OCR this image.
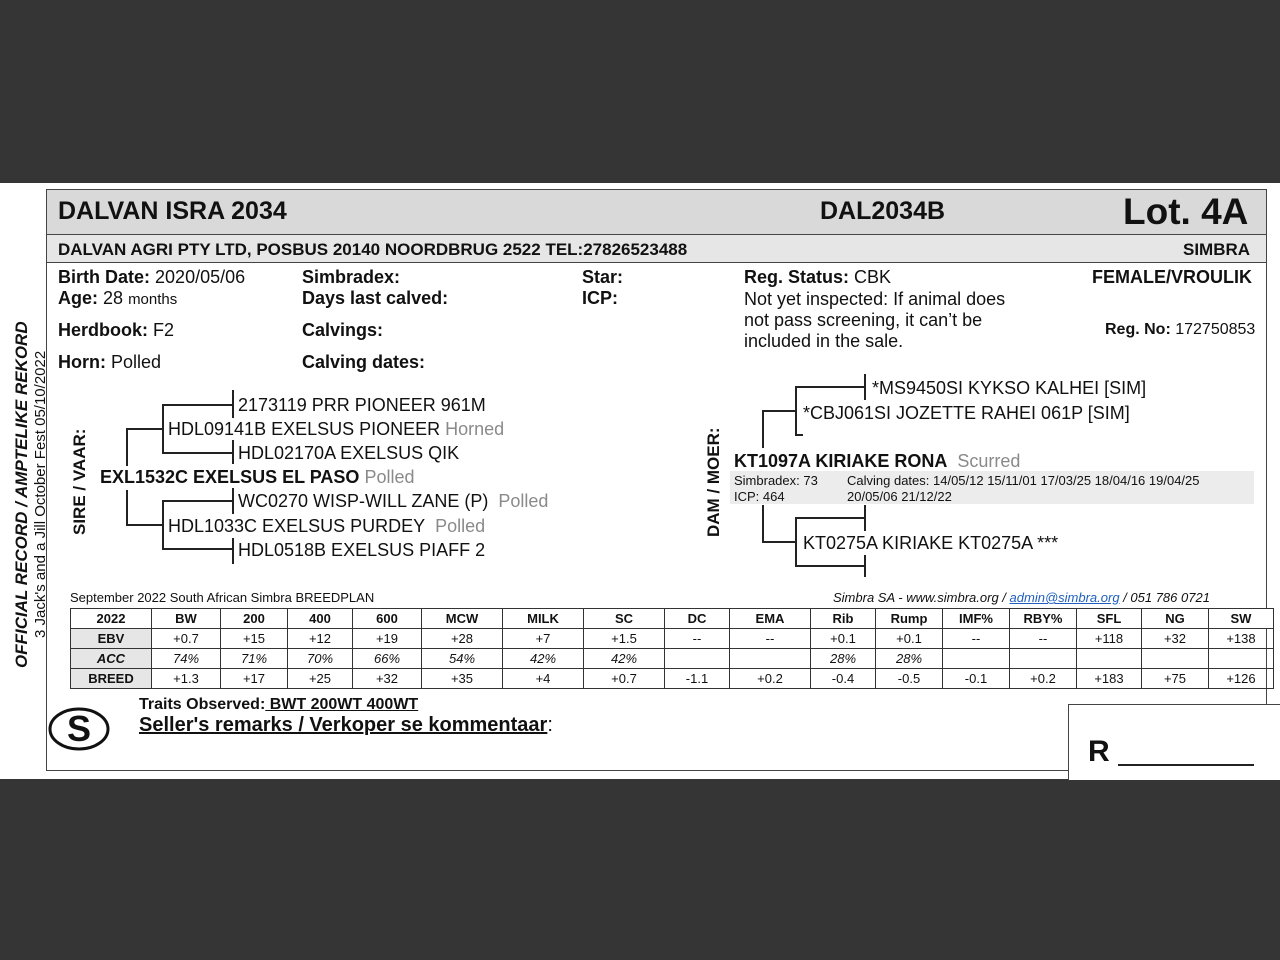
DALVAN ISRA 2034	DAL2034B	Lot. 4A
DALVAN AGRI PTY LTD, POSBUS 20140 NOORDBRUG 2522 TEL:27826523488	SIMBRA
Birth Date: 2020/05/06
Age: 28 months
Herdbook: F2
Horn: Polled
Simbradex:
Days last calved:
Calvings:
Calving dates:
Star:
ICP:
Reg. Status: CBK
Not yet inspected: If animal does
not pass screening, it can’t be
included in the sale.
FEMALE/VROULIK
Reg. No: 172750853
OFFICIAL RECORD / AMPTELIKE REKORD 3 Jack's and a Jill October Fest 05/10/2022 SIRE / VAAR:
2173119 PRR PIONEER 961M
HDL09141B EXELSUS PIONEER Horned
HDL02170A EXELSUS QIK
EXL1532C EXELSUS EL PASO Polled
WC0270 WISP-WILL ZANE (P) Polled
HDL1033C EXELSUS PURDEY Polled
HDL0518B EXELSUS PIAFF 2
DAM / MOER:
*MS9450SI KYKSO KALHEI [SIM]
*CBJ061SI JOZETTE RAHEI 061P [SIM]
KT1097A KIRIAKE RONA Scurred
Simbradex: 73
ICP: 464
Calving dates: 14/05/12 15/11/01 17/03/25 18/04/16 19/04/25
20/05/06 21/12/22
KT0275A KIRIAKE KT0275A ***
September 2022 South African Simbra BREEDPLAN	Simbra SA - www.simbra.org / admin@simbra.org / 051 786 0721
2022	BW	200	400	600	MCW	MILK	SC	DC	EMA	Rib	Rump	IMF%	RBY%	SFL	NG	SW
EBV	+0.7	+15	+12	+19	+28	+7	+1.5	--	--	+0.1	+0.1	--	--	+118	+32	+138
ACC	74%	71%	70%	66%	54%	42%	42%			28%	28%					
BREED	+1.3	+17	+25	+32	+35	+4	+0.7	-1.1	+0.2	-0.4	-0.5	-0.1	+0.2	+183	+75	+126
R
S
Traits Observed: BWT 200WT 400WT
Seller's remarks / Verkoper se kommentaar:
